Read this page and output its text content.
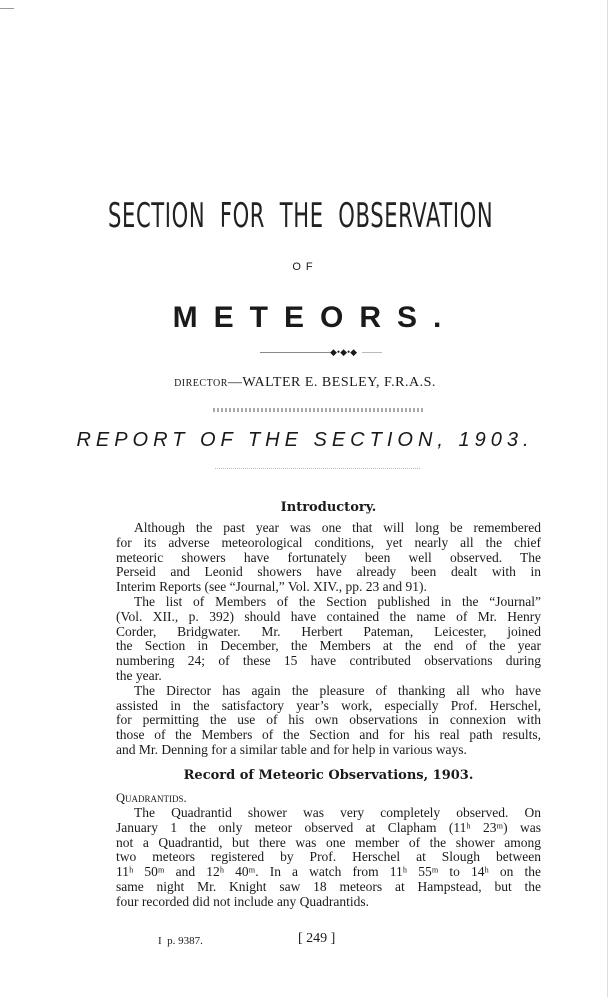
SECTION  FOR  THE  OBSERVATION
OF
METEORS.
◆•◆•◆
DIRECTOR—WALTER E. BESLEY, F.R.A.S.
REPORT OF THE SECTION, 1903.
Introductory.
Although the past year was one that will long be remembered
for its adverse meteorological conditions, yet nearly all the chief
meteoric showers have fortunately been well observed. The
Perseid and Leonid showers have already been dealt with in
Interim Reports (see “Journal,” Vol. XIV., pp. 23 and 91).
The list of Members of the Section published in the “Journal”
(Vol. XII., p. 392) should have contained the name of Mr. Henry
Corder, Bridgwater. Mr. Herbert Pateman, Leicester, joined
the Section in December, the Members at the end of the year
numbering 24; of these 15 have contributed observations during
the year.
The Director has again the pleasure of thanking all who have
assisted in the satisfactory year’s work, especially Prof. Herschel,
for permitting the use of his own observations in connexion with
those of the Members of the Section and for his real path results,
and Mr. Denning for a similar table and for help in various ways.
Record of Meteoric Observations, 1903.
Quadrantids.
The Quadrantid shower was very completely observed. On
January 1 the only meteor observed at Clapham (11ʰ 23ᵐ) was
not a Quadrantid, but there was one member of the shower among
two meteors registered by Prof. Herschel at Slough between
11ʰ 50ᵐ and 12ʰ 40ᵐ. In a watch from 11ʰ 55ᵐ to 14ʰ on the
same night Mr. Knight saw 18 meteors at Hampstead, but the
four recorded did not include any Quadrantids.
I  p. 9387.	[ 249 ]
